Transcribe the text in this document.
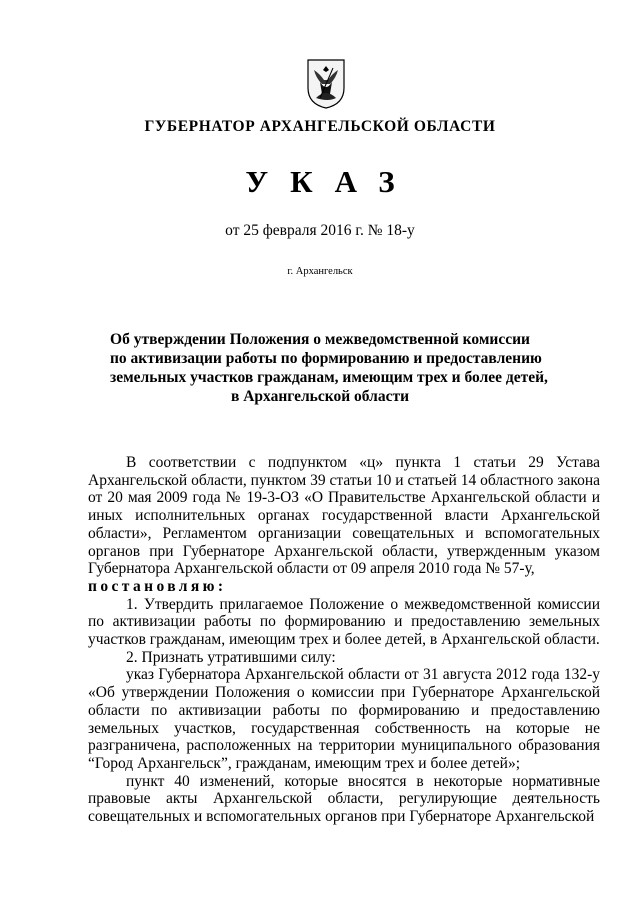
ГУБЕРНАТОР АРХАНГЕЛЬСКОЙ ОБЛАСТИ
УКАЗ
от 25 февраля 2016 г. № 18-у
г. Архангельск
Об утверждении Положения о межведомственной комиссии
по активизации работы по формированию и предоставлению
земельных участков гражданам, имеющим трех и более детей,
в Архангельской области

В соответствии с подпунктом «ц» пункта 1 статьи 29 Устава Архангельской области, пунктом 39 статьи 10 и статьей 14 областного закона от 20 мая 2009 года № 19-3-ОЗ «О Правительстве Архангельской области и иных исполнительных органах государственной власти Архангельской области», Регламентом организации совещательных и вспомогательных органов при Губернаторе Архангельской области, утвержденным указом Губернатора Архангельской области от 09 апреля 2010 года № 57-у,

постановляю:

1. Утвердить прилагаемое Положение о межведомственной комиссии по активизации работы по формированию и предоставлению земельных участков гражданам, имеющим трех и более детей, в Архангельской области.

2. Признать утратившими силу:

указ Губернатора Архангельской области от 31 августа 2012 года 132-у «Об утверждении Положения о комиссии при Губернаторе Архангельской области по активизации работы по формированию и предоставлению земельных участков, государственная собственность на которые не разграничена, расположенных на территории муниципального образования “Город Архангельск”, гражданам, имеющим трех и более детей»;

пункт 40 изменений, которые вносятся в некоторые нормативные правовые акты Архангельской области, регулирующие деятельность совещательных и вспомогательных органов при Губернаторе Архангельской
